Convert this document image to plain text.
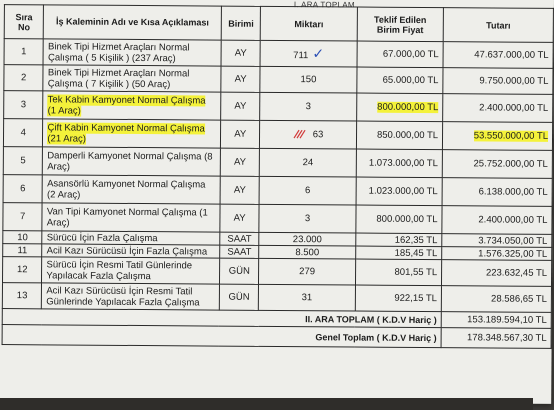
I. ARA TOPLAM
Sıra No	İş Kaleminin Adı ve Kısa Açıklaması	Birimi	Miktarı	Teklif Edilen Birim Fiyat	Tutarı
1	Binek Tipi Hizmet Araçları Normal Çalışma ( 5 Kişilik ) (237 Araç)	AY	711 ✓	67.000,00 TL	47.637.000,00 TL
2	Binek Tipi Hizmet Araçları Normal Çalışma ( 7 Kişilik ) (50 Araç)	AY	150	65.000,00 TL	9.750.000,00 TL
3	Tek Kabin Kamyonet Normal Çalışma (1 Araç)	AY	3	800.000,00 TL	2.400.000,00 TL
4	Çift Kabin Kamyonet Normal Çalışma (21 Araç)	AY	63	850.000,00 TL	53.550.000,00 TL
5	Damperli Kamyonet Normal Çalışma (8 Araç)	AY	24	1.073.000,00 TL	25.752.000,00 TL
6	Asansörlü Kamyonet Normal Çalışma (2 Araç)	AY	6	1.023.000,00 TL	6.138.000,00 TL
7	Van Tipi Kamyonet Normal Çalışma (1 Araç)	AY	3	800.000,00 TL	2.400.000,00 TL
10	Sürücü İçin Fazla Çalışma	SAAT	23.000	162,35 TL	3.734.050,00 TL
11	Acil Kazı Sürücüsü İçin Fazla Çalışma	SAAT	8.500	185,45 TL	1.576.325,00 TL
12	Sürücü İçin Resmi Tatil Günlerinde Yapılacak Fazla Çalışma	GÜN	279	801,55 TL	223.632,45 TL
13	Acil Kazı Sürücüsü İçin Resmi Tatil Günlerinde Yapılacak Fazla Çalışma	GÜN	31	922,15 TL	28.586,65 TL
II. ARA TOPLAM ( K.D.V Hariç )					153.189.594,10 TL
Genel Toplam ( K.D.V Hariç )					178.348.567,30 TL
